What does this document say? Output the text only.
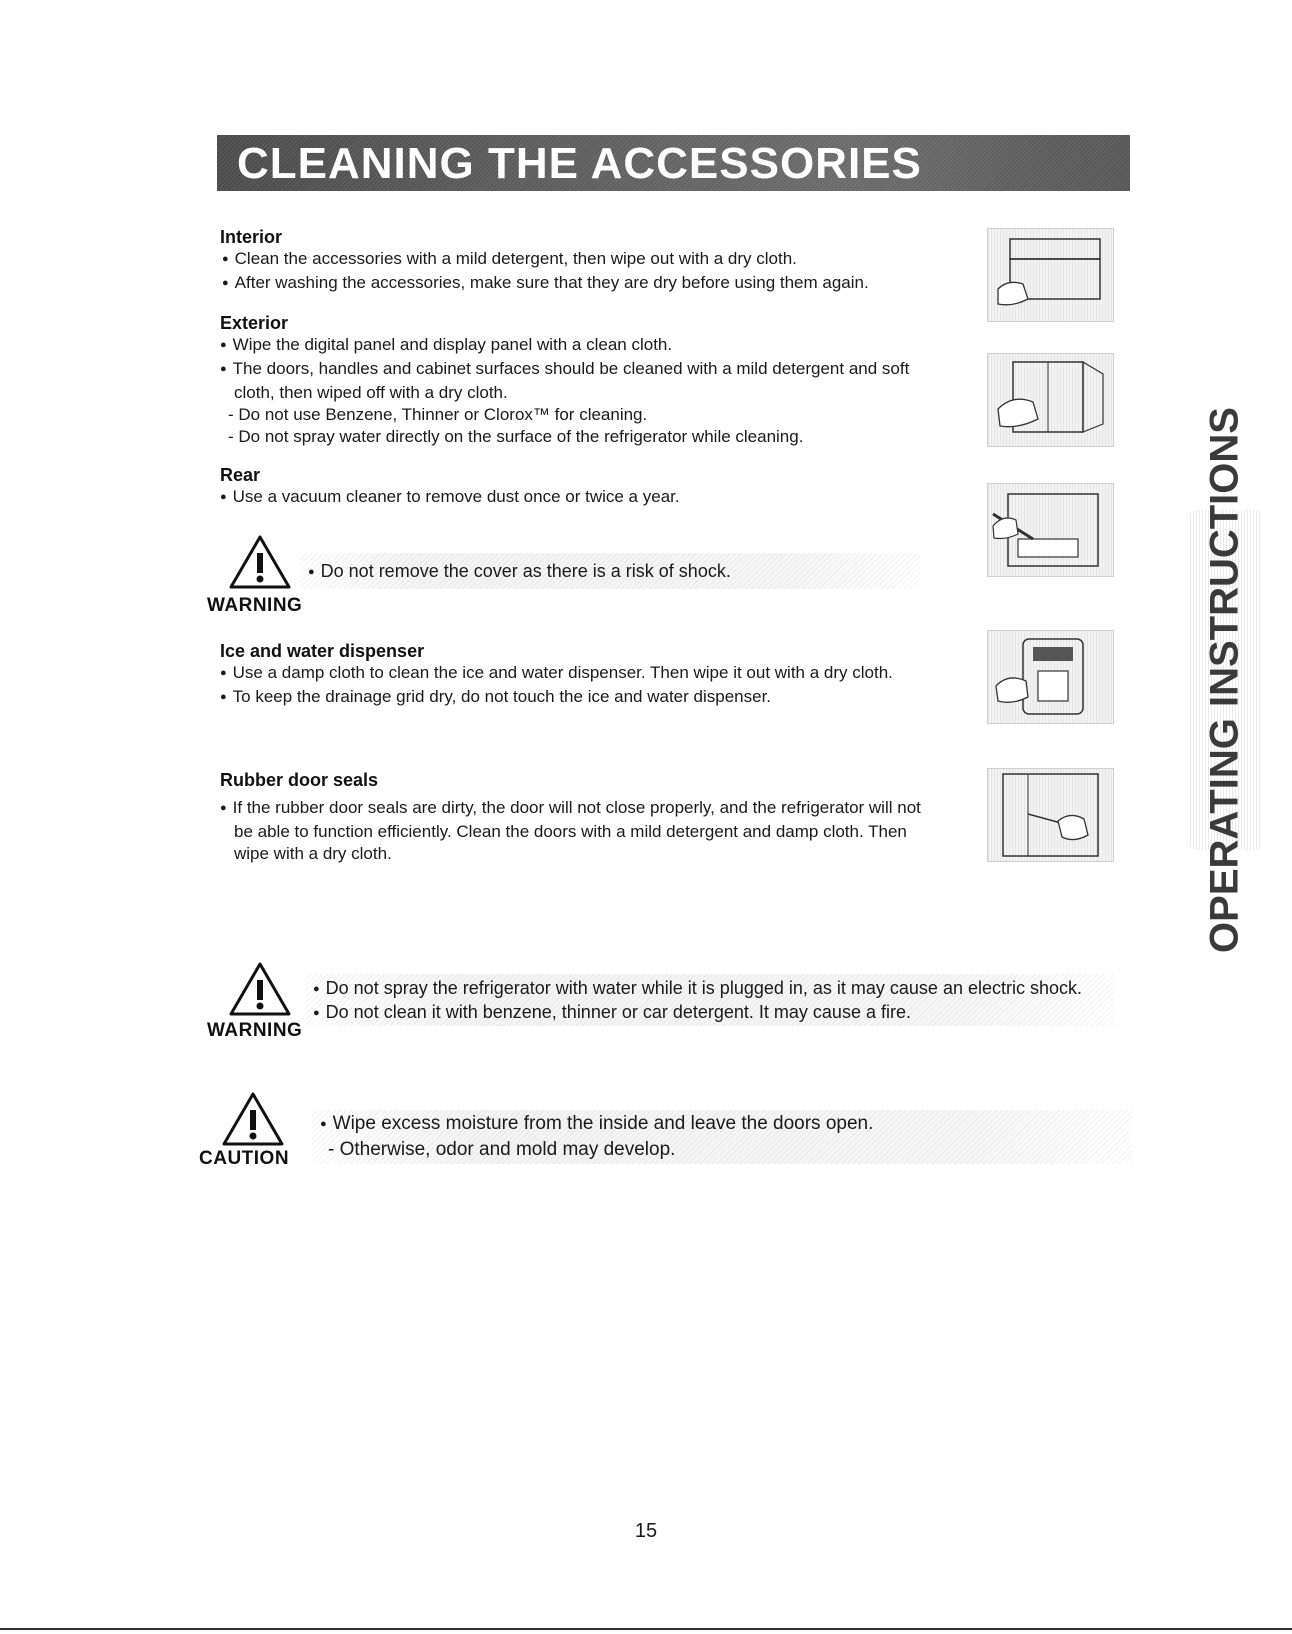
CLEANING THE ACCESSORIES
Interior
● Clean the accessories with a mild detergent, then wipe out with a dry cloth.
● After washing the accessories, make sure that they are dry before using them again.
Exterior
● Wipe the digital panel and display panel with a clean cloth.
● The doors, handles and cabinet surfaces should be cleaned with a mild detergent and soft
cloth, then wiped off with a dry cloth.
- Do not use Benzene, Thinner or Clorox™ for cleaning.
- Do not spray water directly on the surface of the refrigerator while cleaning.
Rear
● Use a vacuum cleaner to remove dust once or twice a year.
WARNING
● Do not remove the cover as there is a risk of shock.
Ice and water dispenser
● Use a damp cloth to clean the ice and water dispenser. Then wipe it out with a dry cloth.
● To keep the drainage grid dry, do not touch the ice and water dispenser.
Rubber door seals
● If the rubber door seals are dirty, the door will not close properly, and the refrigerator will not
be able to function efficiently. Clean the doors with a mild detergent and damp cloth. Then
wipe with a dry cloth.	OPERATING INSTRUCTIONS
WARNING
● Do not spray the refrigerator with water while it is plugged in, as it may cause an electric shock.
● Do not clean it with benzene, thinner or car detergent. It may cause a fire.
CAUTION
● Wipe excess moisture from the inside and leave the doors open.
- Otherwise, odor and mold may develop.
15
